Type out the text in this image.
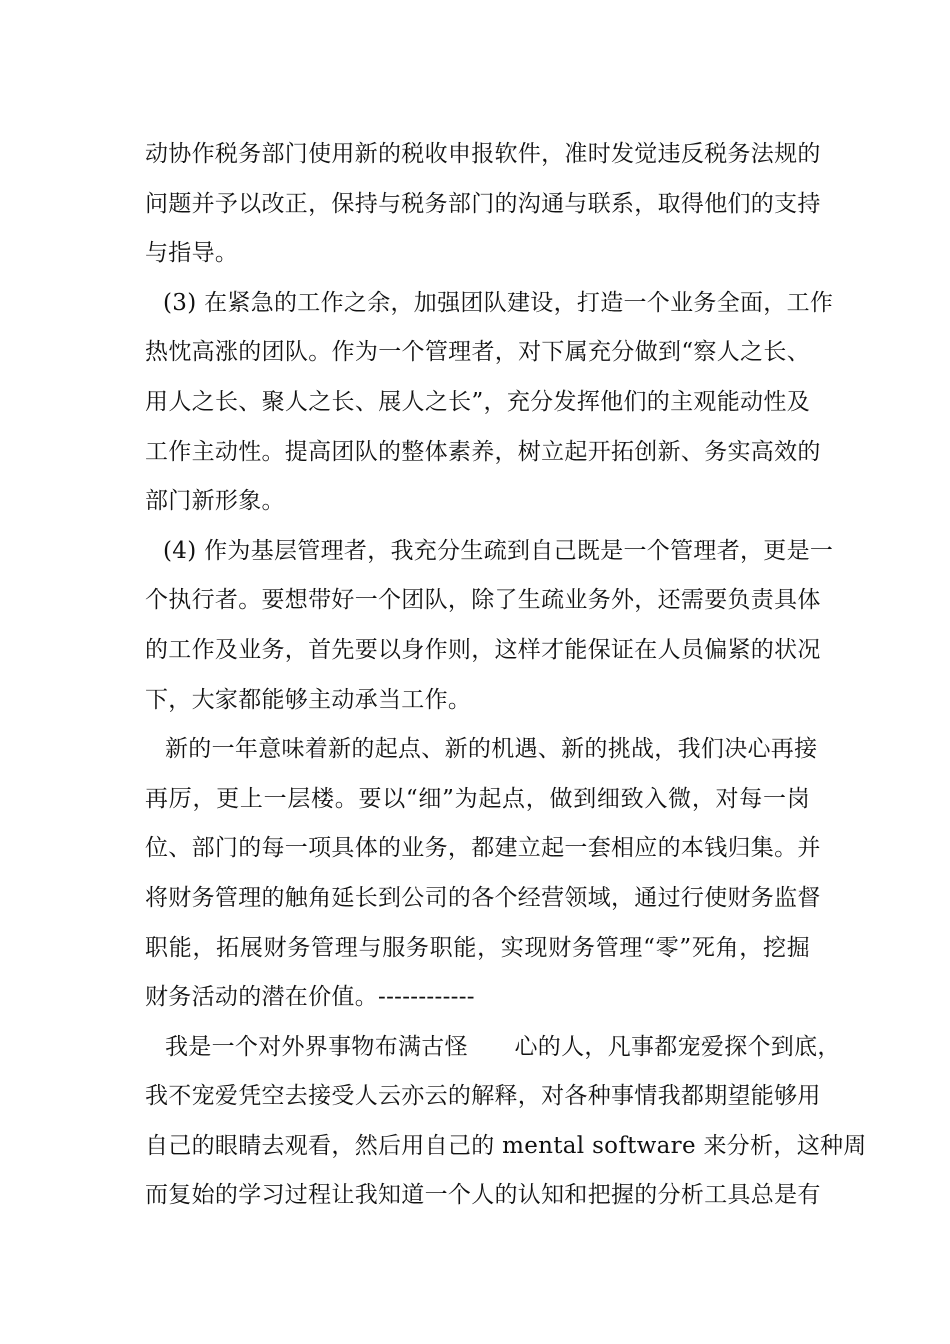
动协作税务部门使用新的税收申报软件，准时发觉违反税务法规的
问题并予以改正，保持与税务部门的沟通与联系，取得他们的支持
与指导。
(3) 在紧急的工作之余，加强团队建设，打造一个业务全面，工作
热忱高涨的团队。作为一个管理者，对下属充分做到“察人之长、
用人之长、聚人之长、展人之长”，充分发挥他们的主观能动性及
工作主动性。提高团队的整体素养，树立起开拓创新、务实高效的
部门新形象。
(4) 作为基层管理者，我充分生疏到自己既是一个管理者，更是一
个执行者。要想带好一个团队，除了生疏业务外，还需要负责具体
的工作及业务，首先要以身作则，这样才能保证在人员偏紧的状况
下，大家都能够主动承当工作。
新的一年意味着新的起点、新的机遇、新的挑战，我们决心再接
再厉，更上一层楼。要以“细”为起点，做到细致入微，对每一岗
位、部门的每一项具体的业务，都建立起一套相应的本钱归集。并
将财务管理的触角延长到公司的各个经营领域，通过行使财务监督
职能，拓展财务管理与服务职能，实现财务管理“零”死角，挖掘
财务活动的潜在价值。------------
我是一个对外界事物布满古怪　　心的人，凡事都宠爱探个到底，
我不宠爱凭空去接受人云亦云的解释，对各种事情我都期望能够用
自己的眼睛去观看，然后用自己的 mental software 来分析，这种周
而复始的学习过程让我知道一个人的认知和把握的分析工具总是有
